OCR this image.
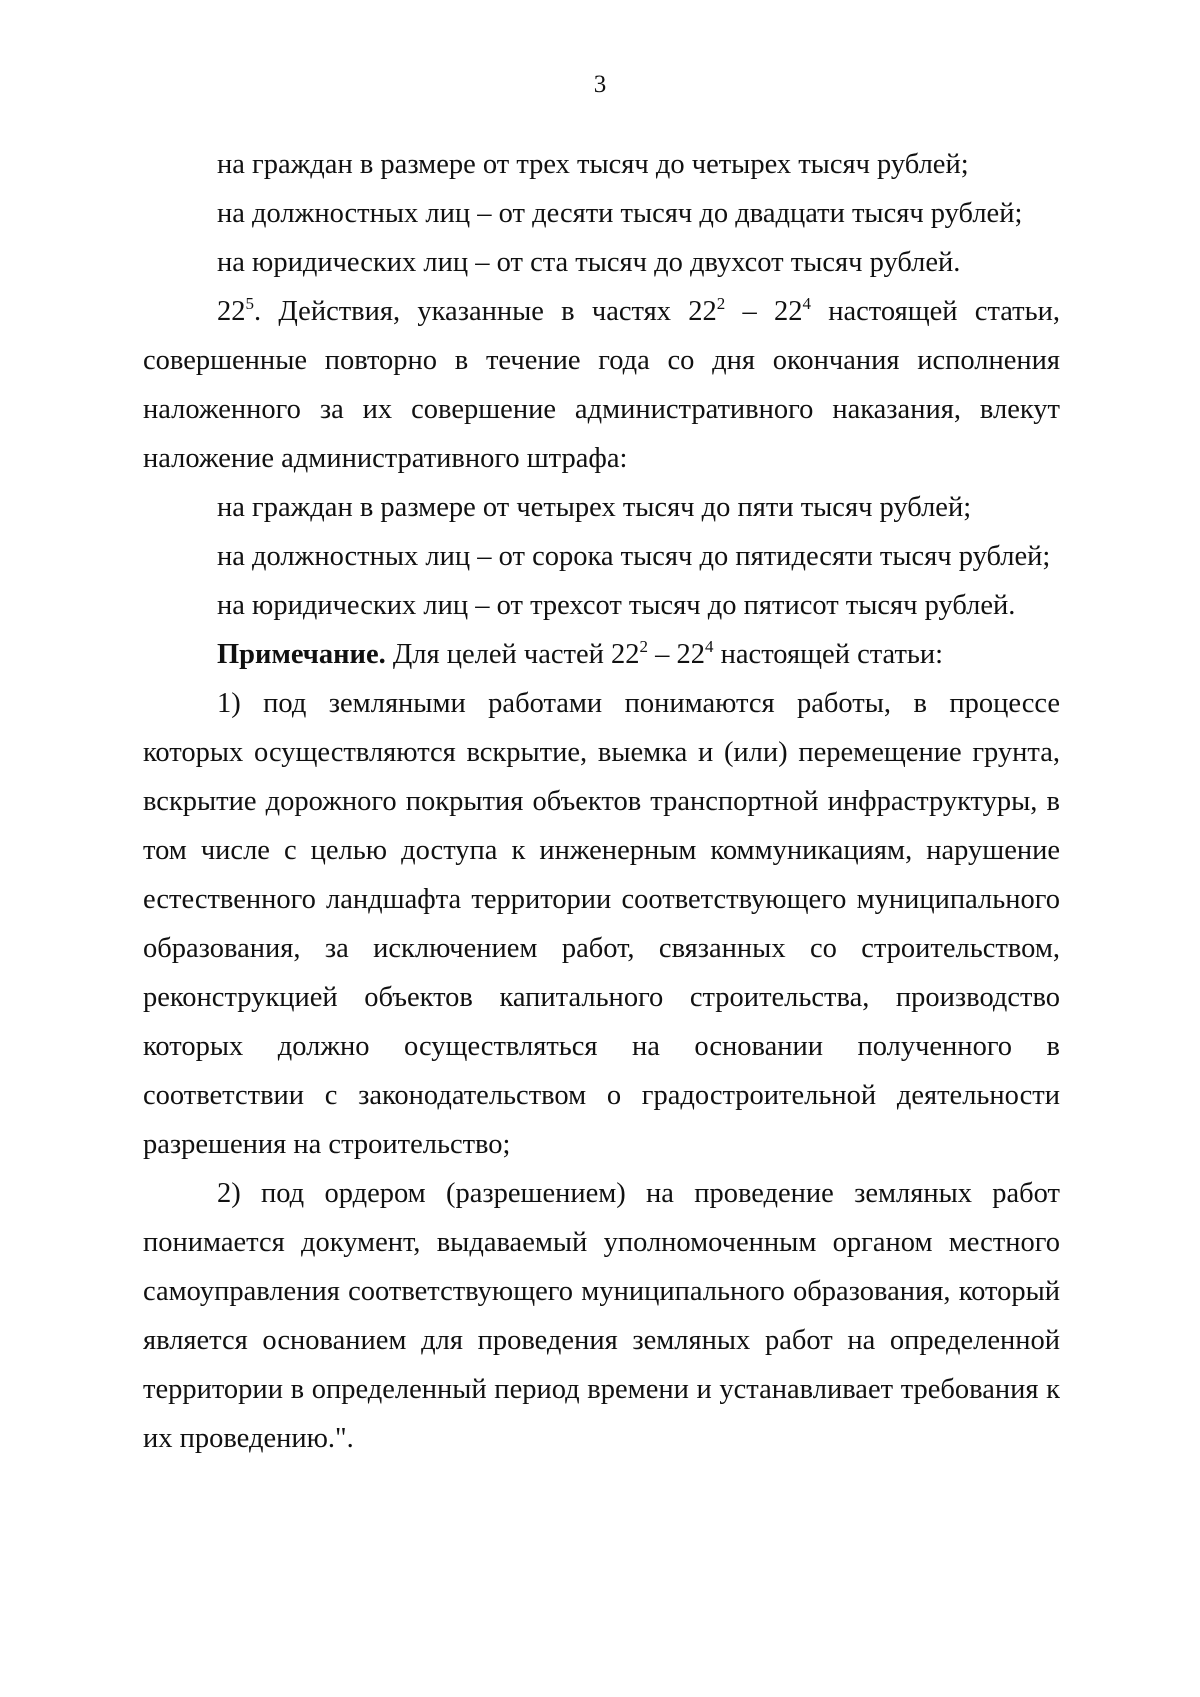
3

на граждан в размере от трех тысяч до четырех тысяч рублей;

на должностных лиц – от десяти тысяч до двадцати тысяч рублей;

на юридических лиц – от ста тысяч до двухсот тысяч рублей.

$22^5$. Действия, указанные в частях $22^2 - 22^4$ настоящей статьи, совершенные повторно в течение года со дня окончания исполнения наложенного за их совершение административного наказания, влекут наложение административного штрафа:

на граждан в размере от четырех тысяч до пяти тысяч рублей;

на должностных лиц – от сорока тысяч до пятидесяти тысяч рублей;

на юридических лиц – от трехсот тысяч до пятисот тысяч рублей.

Примечание. Для целей частей $22^2 - 22^4$ настоящей статьи:

1) под земляными работами понимаются работы, в процессе которых осуществляются вскрытие, выемка и (или) перемещение грунта, вскрытие дорожного покрытия объектов транспортной инфраструктуры, в том числе с целью доступа к инженерным коммуникациям, нарушение естественного ландшафта территории соответствующего муниципального образования, за исключением работ, связанных со строительством, реконструкцией объектов капитального строительства, производство которых должно осуществляться на основании полученного в соответствии с законодательством о градостроительной деятельности разрешения на строительство;

2) под ордером (разрешением) на проведение земляных работ понимается документ, выдаваемый уполномоченным органом местного самоуправления соответствующего муниципального образования, который является основанием для проведения земляных работ на определенной территории в определенный период времени и устанавливает требования к их проведению.".
